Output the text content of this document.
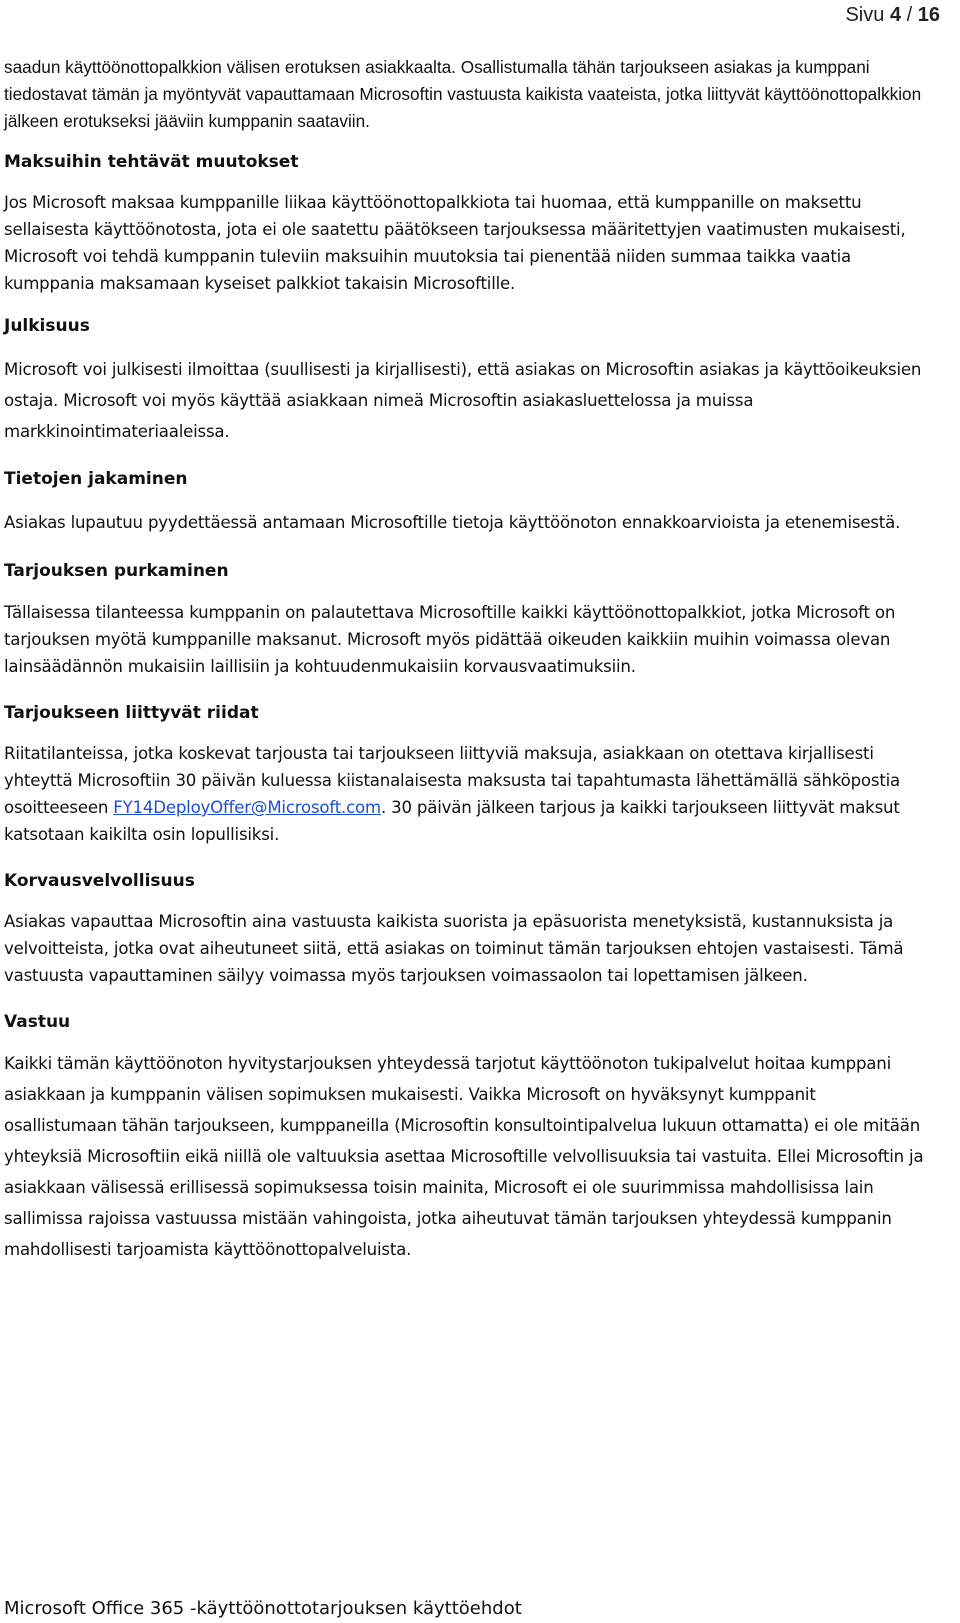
Sivu 4 / 16

saadun käyttöönottopalkkion välisen erotuksen asiakkaalta. Osallistumalla tähän tarjoukseen asiakas ja kumppani tiedostavat tämän ja myöntyvät vapauttamaan Microsoftin vastuusta kaikista vaateista, jotka liittyvät käyttöönottopalkkion jälkeen erotukseksi jääviin kumppanin saataviin.

Maksuihin tehtävät muutokset

Jos Microsoft maksaa kumppanille liikaa käyttöönottopalkkiota tai huomaa, että kumppanille on maksettu sellaisesta käyttöönotosta, jota ei ole saatettu päätökseen tarjouksessa määritettyjen vaatimusten mukaisesti, Microsoft voi tehdä kumppanin tuleviin maksuihin muutoksia tai pienentää niiden summaa taikka vaatia kumppania maksamaan kyseiset palkkiot takaisin Microsoftille.

Julkisuus

Microsoft voi julkisesti ilmoittaa (suullisesti ja kirjallisesti), että asiakas on Microsoftin asiakas ja käyttöoikeuksien ostaja. Microsoft voi myös käyttää asiakkaan nimeä Microsoftin asiakasluettelossa ja muissa markkinointimateriaaleissa.

Tietojen jakaminen

Asiakas lupautuu pyydettäessä antamaan Microsoftille tietoja käyttöönoton ennakkoarvioista ja etenemisestä.

Tarjouksen purkaminen

Tällaisessa tilanteessa kumppanin on palautettava Microsoftille kaikki käyttöönottopalkkiot, jotka Microsoft on tarjouksen myötä kumppanille maksanut. Microsoft myös pidättää oikeuden kaikkiin muihin voimassa olevan lainsäädännön mukaisiin laillisiin ja kohtuudenmukaisiin korvausvaatimuksiin.

Tarjoukseen liittyvät riidat

Riitatilanteissa, jotka koskevat tarjousta tai tarjoukseen liittyviä maksuja, asiakkaan on otettava kirjallisesti yhteyttä Microsoftiin 30 päivän kuluessa kiistanalaisesta maksusta tai tapahtumasta lähettämällä sähköpostia osoitteeseen FY14DeployOffer@Microsoft.com. 30 päivän jälkeen tarjous ja kaikki tarjoukseen liittyvät maksut katsotaan kaikilta osin lopullisiksi.

Korvausvelvollisuus

Asiakas vapauttaa Microsoftin aina vastuusta kaikista suorista ja epäsuorista menetyksistä, kustannuksista ja velvoitteista, jotka ovat aiheutuneet siitä, että asiakas on toiminut tämän tarjouksen ehtojen vastaisesti. Tämä vastuusta vapauttaminen säilyy voimassa myös tarjouksen voimassaolon tai lopettamisen jälkeen.

Vastuu

Kaikki tämän käyttöönoton hyvitystarjouksen yhteydessä tarjotut käyttöönoton tukipalvelut hoitaa kumppani asiakkaan ja kumppanin välisen sopimuksen mukaisesti. Vaikka Microsoft on hyväksynyt kumppanit osallistumaan tähän tarjoukseen, kumppaneilla (Microsoftin konsultointipalvelua lukuun ottamatta) ei ole mitään yhteyksiä Microsoftiin eikä niillä ole valtuuksia asettaa Microsoftille velvollisuuksia tai vastuita. Ellei Microsoftin ja asiakkaan välisessä erillisessä sopimuksessa toisin mainita, Microsoft ei ole suurimmissa mahdollisissa lain sallimissa rajoissa vastuussa mistään vahingoista, jotka aiheutuvat tämän tarjouksen yhteydessä kumppanin mahdollisesti tarjoamista käyttöönottopalveluista.

Microsoft Office 365 -käyttöönottotarjouksen käyttöehdot
